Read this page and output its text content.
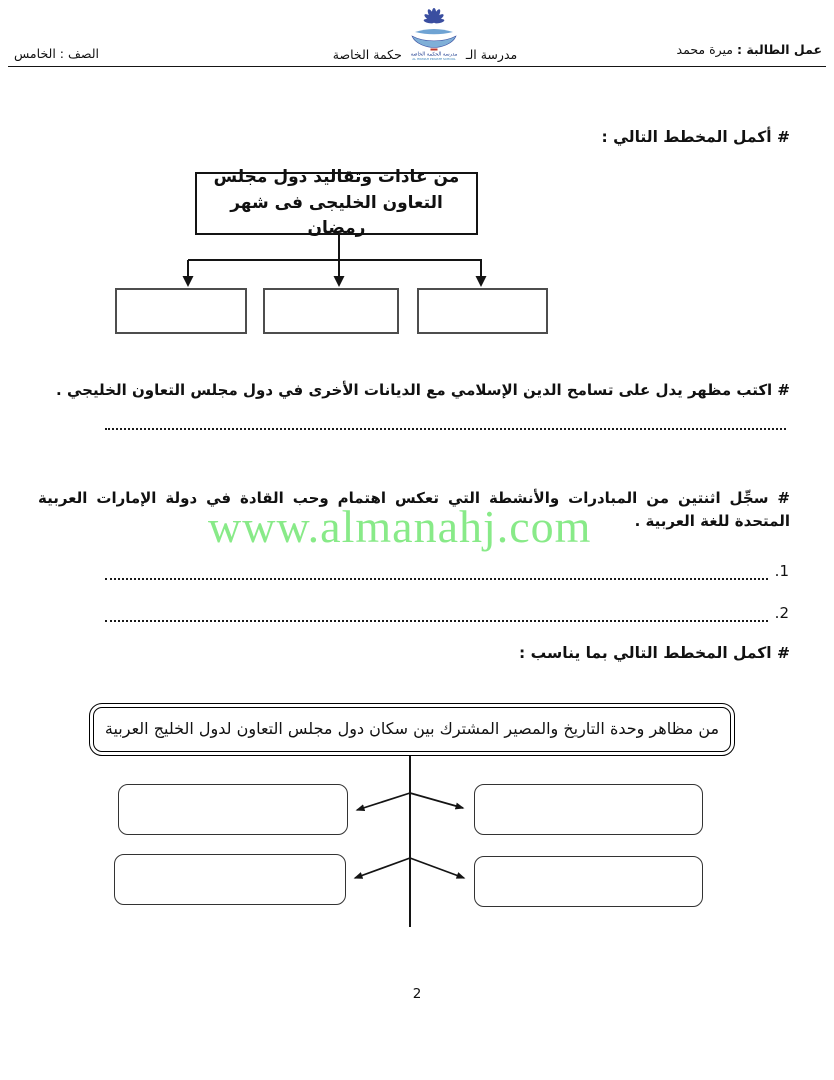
عمل الطالبة : ميرة محمد
مدرسة الـ
مدرسة الحكمة الخاصة
AL HIKMAH PRIVATE SCHOOL
حكمة الخاصة
الصف : الخامس
# أكمل المخطط التالي :
من عادات وتقاليد دول مجلس التعاون الخليجى فى شهر رمضان
# اكتب مظهر يدل على تسامح الدين الإسلامي مع الديانات الأخرى في دول مجلس التعاون الخليجي .
# سجِّل اثنتين من المبادرات والأنشطة التي تعكس اهتمام وحب القادة في دولة الإمارات العربية المتحدة للغة العربية .
www.almanahj.com
1.
2.
# اكمل المخطط التالي بما يناسب :
من مظاهر وحدة التاريخ والمصير المشترك بين سكان دول مجلس التعاون لدول الخليج العربية
2
